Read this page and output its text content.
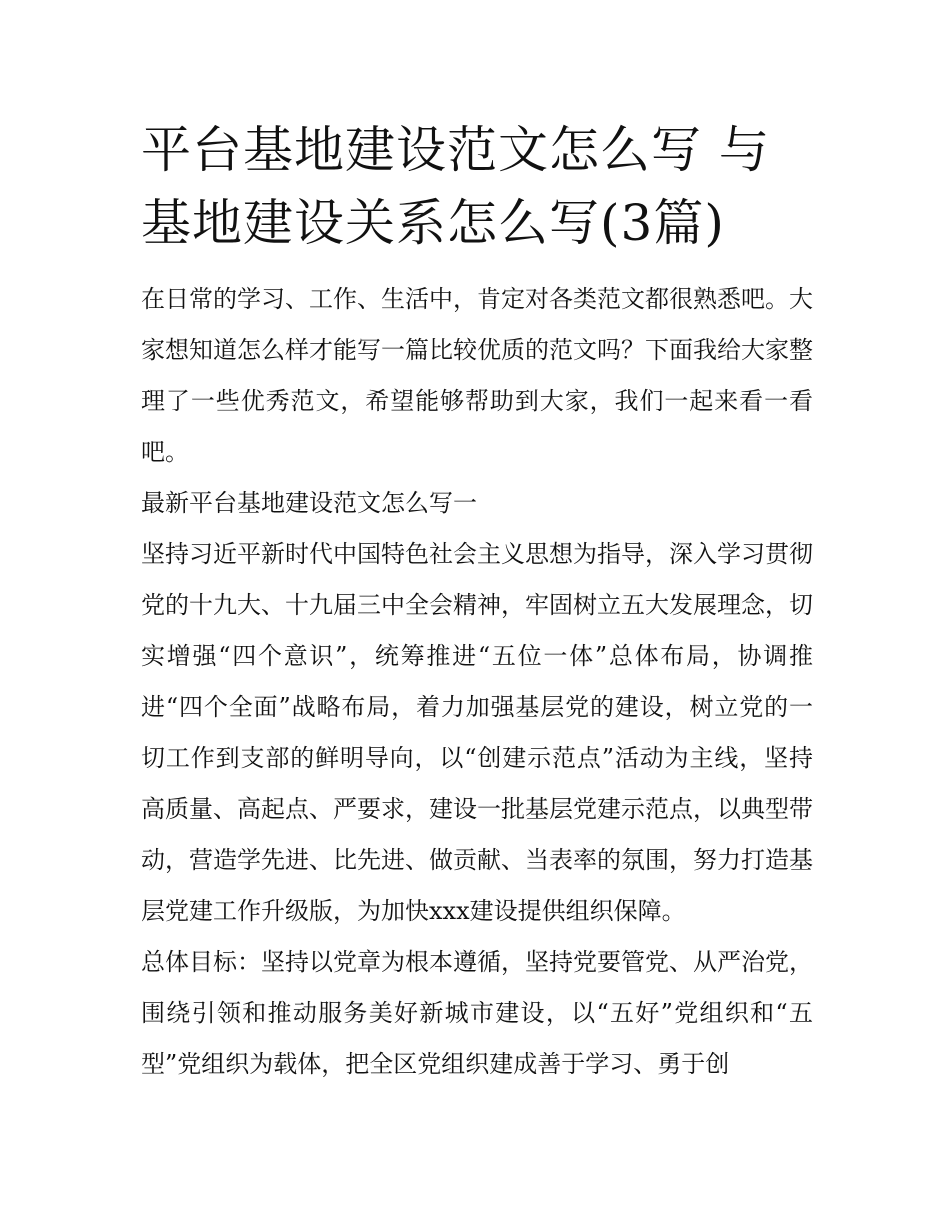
平台基地建设范文怎么写 与基地建设关系怎么写(3篇)

在日常的学习、工作、生活中，肯定对各类范文都很熟悉吧。大家想知道怎么样才能写一篇比较优质的范文吗？下面我给大家整理了一些优秀范文，希望能够帮助到大家，我们一起来看一看吧。

最新平台基地建设范文怎么写一

坚持习近平新时代中国特色社会主义思想为指导，深入学习贯彻党的十九大、十九届三中全会精神，牢固树立五大发展理念，切实增强“四个意识”，统筹推进“五位一体”总体布局，协调推进“四个全面”战略布局，着力加强基层党的建设，树立党的一切工作到支部的鲜明导向，以“创建示范点”活动为主线，坚持高质量、高起点、严要求，建设一批基层党建示范点，以典型带动，营造学先进、比先进、做贡献、当表率的氛围，努力打造基层党建工作升级版，为加快xxx建设提供组织保障。

总体目标：坚持以党章为根本遵循，坚持党要管党、从严治党，围绕引领和推动服务美好新城市建设，以“五好”党组织和“五型”党组织为载体，把全区党组织建成善于学习、勇于创
